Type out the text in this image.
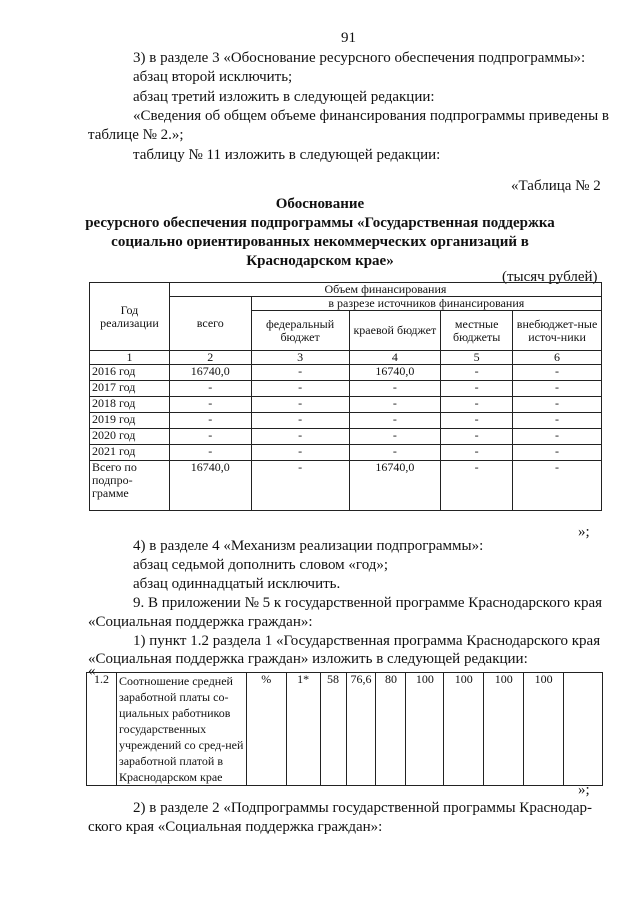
91
3) в разделе 3 «Обоснование ресурсного обеспечения подпрограммы»:
абзац второй исключить;
абзац третий изложить в следующей редакции:
«Сведения об общем объеме финансирования подпрограммы приведены в
таблице № 2.»;
таблицу № 11 изложить в следующей редакции:
«Таблица № 2
Обоснование
ресурсного обеспечения подпрограммы «Государственная поддержка
социально ориентированных некоммерческих организаций в
Краснодарском крае»
(тысяч рублей)
Год реализации	Объем финансирования				
	всего	в разрезе источников финансирования			
		федеральный бюджет	краевой бюджет	местные бюджеты	внебюджет-ные источ-ники
1	2	3	4	5	6
2016 год	16740,0	-	16740,0	-	-
2017 год	-	-	-	-	-
2018 год	-	-	-	-	-
2019 год	-	-	-	-	-
2020 год	-	-	-	-	-
2021 год	-	-	-	-	-
Всего по подпро-грамме	16740,0	-	16740,0	-	-
»;
4) в разделе 4 «Механизм реализации подпрограммы»:
абзац седьмой дополнить словом «год»;
абзац одиннадцатый исключить.
9. В приложении № 5 к государственной программе Краснодарского края
«Социальная поддержка граждан»:
1) пункт 1.2 раздела 1 «Государственная программа Краснодарского края
«Социальная поддержка граждан» изложить в следующей редакции:
«
1.2	Соотношение средней заработной платы со-циальных работников государственных учреждений со сред-ней заработной платой в Краснодарском крае	%	1*	58	76,6	80	100	100	100	100	
»;
2) в разделе 2 «Подпрограммы государственной программы Краснодар-
ского края «Социальная поддержка граждан»:
